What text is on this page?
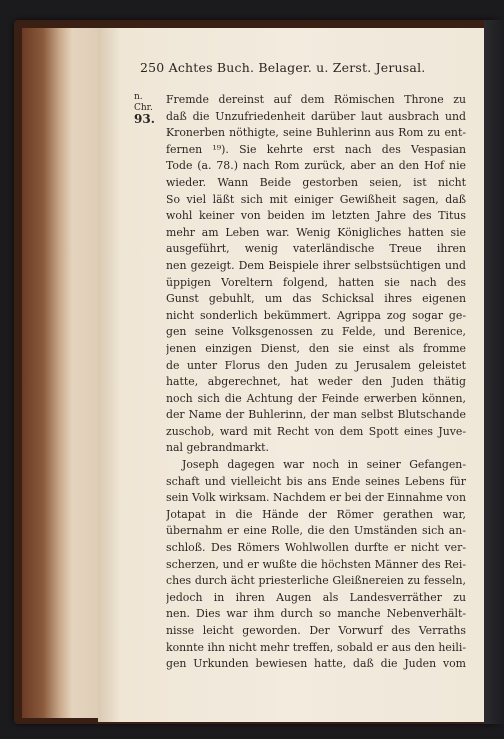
250 Achtes Buch. Belager. u. Zerst. Jerusal.
n. Chr.
93.
Fremde dereinst auf dem Römischen Throne zu
daß die Unzufriedenheit darüber laut ausbrach und
Kronerben nöthigte, seine Buhlerinn aus Rom zu ent-
fernen ¹⁹). Sie kehrte erst nach des Vespasian
Tode (a. 78.) nach Rom zurück, aber an den Hof nie
wieder. Wann Beide gestorben seien, ist nicht
So viel läßt sich mit einiger Gewißheit sagen, daß
wohl keiner von beiden im letzten Jahre des Titus
mehr am Leben war. Wenig Königliches hatten sie
ausgeführt, wenig vaterländische Treue ihren
nen gezeigt. Dem Beispiele ihrer selbstsüchtigen und
üppigen Voreltern folgend, hatten sie nach des
Gunst gebuhlt, um das Schicksal ihres eigenen
nicht sonderlich bekümmert. Agrippa zog sogar ge-
gen seine Volksgenossen zu Felde, und Berenice,
jenen einzigen Dienst, den sie einst als fromme
de unter Florus den Juden zu Jerusalem geleistet
hatte, abgerechnet, hat weder den Juden thätig
noch sich die Achtung der Feinde erwerben können,
der Name der Buhlerinn, der man selbst Blutschande
zuschob, ward mit Recht von dem Spott eines Juve-
nal gebrandmarkt.
Joseph dagegen war noch in seiner Gefangen-
schaft und vielleicht bis ans Ende seines Lebens für
sein Volk wirksam. Nachdem er bei der Einnahme von
Jotapat in die Hände der Römer gerathen war,
übernahm er eine Rolle, die den Umständen sich an-
schloß. Des Römers Wohlwollen durfte er nicht ver-
scherzen, und er wußte die höchsten Männer des Rei-
ches durch ächt priesterliche Gleißnereien zu fesseln,
jedoch in ihren Augen als Landesverräther zu
nen. Dies war ihm durch so manche Nebenverhält-
nisse leicht geworden. Der Vorwurf des Verraths
konnte ihn nicht mehr treffen, sobald er aus den heili-
gen Urkunden bewiesen hatte, daß die Juden vom
